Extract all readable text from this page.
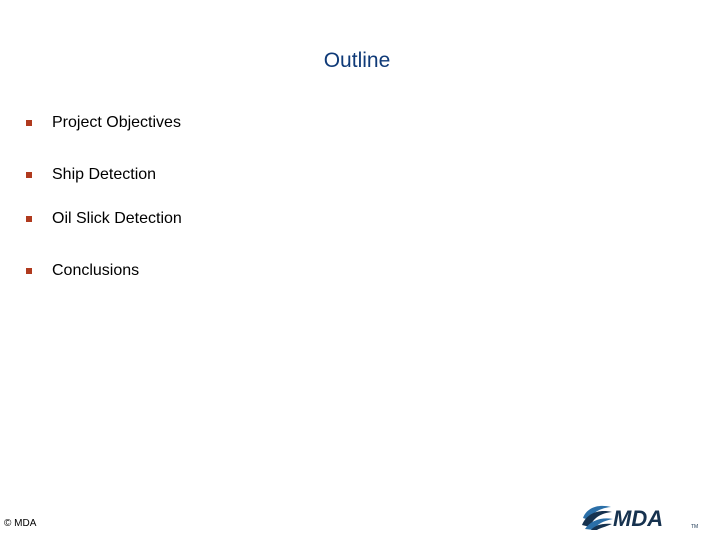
Outline
Project Objectives
Ship Detection
Oil Slick Detection
Conclusions
© MDA	MDA	TM
